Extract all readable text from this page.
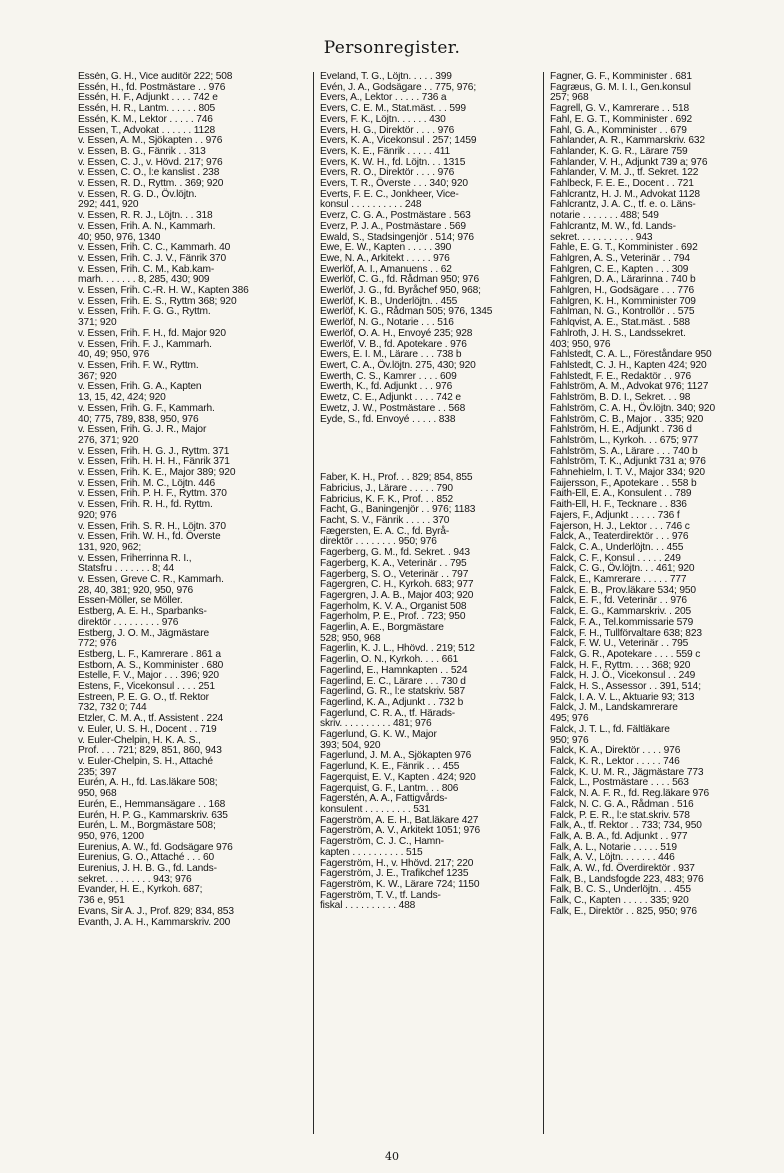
Personregister.
Essén, G. H., Vice auditör 222; 508
Essén, H., fd. Postmästare . . 976
Essén, H. F., Adjunkt . . . . 742 e
Essén, H. R., Lantm. . . . . . 805
Essén, K. M., Lektor . . . . . 746
Essen, T., Advokat . . . . . . 1128
v. Essen, A. M., Sjökapten . . 976
v. Essen, B. G., Fänrik . . 313
v. Essen, C. J., v. Hövd. 217; 976
v. Essen, C. O., l:e kanslist . 238
v. Essen, R. D., Ryttm. . 369; 920
v. Essen, R. G. D., Öv.löjtn.
292; 441, 920
v. Essen, R. R. J., Löjtn. . . 318
v. Essen, Frih. A. N., Kammarh.
40; 950, 976, 1340
v. Essen, Frih. C. C., Kammarh. 40
v. Essen, Frih. C. J. V., Fänrik 370
v. Essen, Frih. C. M., Kab.kam-
marh. . . . . . . 8, 285, 430; 909
v. Essen, Frih. C.-R. H. W., Kapten 386
v. Essen, Frih. E. S., Ryttm 368; 920
v. Essen, Frih. F. G. G., Ryttm.
371; 920
v. Essen, Frih. F. H., fd. Major 920
v. Essen, Frih. F. J., Kammarh.
40, 49; 950, 976
v. Essen, Frih. F. W., Ryttm.
367; 920
v. Essen, Frih. G. A., Kapten
13, 15, 42, 424; 920
v. Essen, Frih. G. F., Kammarh.
40; 775, 789, 838, 950, 976
v. Essen, Frih. G. J. R., Major
276, 371; 920
v. Essen, Frih. H. G. J., Ryttm. 371
v. Essen, Frih. H. H. H., Fänrik 371
v. Essen, Frih. K. E., Major 389; 920
v. Essen, Frih. M. C., Löjtn. 446
v. Essen, Frih. P. H. F., Ryttm. 370
v. Essen, Frih. R. H., fd. Ryttm.
920; 976
v. Essen, Frih. S. R. H., Löjtn. 370
v. Essen, Frih. W. H., fd. Överste
131, 920, 962;
v. Essen, Friherrinna R. I.,
Statsfru . . . . . . . 8; 44
v. Essen, Greve C. R., Kammarh.
28, 40, 381; 920, 950, 976
Essen-Möller, se Möller.
Estberg, A. E. H., Sparbanks-
direktör . . . . . . . . . 976
Estberg, J. O. M., Jägmästare
772; 976
Estberg, L. F., Kamrerare . 861 a
Estborn, A. S., Komminister . 680
Estelle, F. V., Major . . . 396; 920
Estens, F., Vicekonsul . . . . 251
Estreen, P. E. G. O., tf. Rektor
732, 732 0; 744
Etzler, C. M. A., tf. Assistent . 224
v. Euler, U. S. H., Docent . . 719
v. Euler-Chelpin, H. K. A. S.,
Prof. . . . 721; 829, 851, 860, 943
v. Euler-Chelpin, S. H., Attaché
235; 397
Eurén, A. H., fd. Las.läkare 508;
950, 968
Eurén, E., Hemmansägare . . 168
Eurén, H. P. G., Kammarskriv. 635
Eurén, L. M., Borgmästare 508;
950, 976, 1200
Eurenius, A. W., fd. Godsägare 976
Eurenius, G. O., Attaché . . . 60
Eurenius, J. H. B. G., fd. Lands-
sekret. . . . . . . . . 943; 976
Evander, H. E., Kyrkoh. 687;
736 e, 951
Evans, Sir A. J., Prof. 829; 834, 853
Evanth, J. A. H., Kammarskriv. 200
Eveland, T. G., Löjtn. . . . . 399
Evén, J. A., Godsägare . . 775, 976;
Evers, A., Lektor . . . . . 736 a
Evers, C. E. M., Stat.mäst. . . 599
Evers, F. K., Löjtn. . . . . . 430
Evers, H. G., Direktör . . . . 976
Evers, K. A., Vicekonsul . 257; 1459
Evers, K. E., Fänrik . . . . . 411
Evers, K. W. H., fd. Löjtn. . . 1315
Evers, R. O., Direktör . . . . 976
Evers, T. R., Överste . . . 340; 920
Everts, F. E. C., Jonkheer, Vice-
konsul . . . . . . . . . . 248
Everz, C. G. A., Postmästare . 563
Everz, P. J. A., Postmästare . 569
Ewald, S., Stadsingenjör . 514; 976
Ewe, E. W., Kapten . . . . . 390
Ewe, N. A., Arkitekt . . . . . 976
Ewerlöf, A. I., Amanuens . . 62
Ewerlöf, C. G., fd. Rådman 950; 976
Ewerlöf, J. G., fd. Byråchef 950, 968;
Ewerlöf, K. B., Underlöjtn. . 455
Ewerlöf, K. G., Rådman 505; 976, 1345
Ewerlöf, N. G., Notarie . . . 516
Ewerlöf, O. A. H., Envoyé 235; 928
Ewerlöf, V. B., fd. Apotekare . 976
Ewers, E. I. M., Lärare . . . 738 b
Ewert, C. A., Öv.löjtn. 275, 430; 920
Ewerth, C. S., Kamrer . . . . 609
Ewerth, K., fd. Adjunkt . . . 976
Ewetz, C. E., Adjunkt . . . . 742 e
Ewetz, J. W., Postmästare . . 568
Eyde, S., fd. Envoyé . . . . . 838
Faber, K. H., Prof. . . 829; 854, 855
Fabricius, J., Lärare . . . . . 790
Fabricius, K. F. K., Prof. . . 852
Facht, G., Baningenjör . . 976; 1183
Facht, S. V., Fänrik . . . . . 370
Fægersten, E. A. C., fd. Byrå-
direktör . . . . . . . . 950; 976
Fagerberg, G. M., fd. Sekret. . 943
Fagerberg, K. A., Veterinär . . 795
Fagerberg, S. O., Veterinär . . 797
Fagergren, C. H., Kyrkoh. 683; 977
Fagergren, J. A. B., Major 403; 920
Fagerholm, K. V. A., Organist 508
Fagerholm, P. E., Prof. . 723; 950
Fagerlin, A. E., Borgmästare
528; 950, 968
Fagerlin, K. J. L., Hhövd. . 219; 512
Fagerlin, O. N., Kyrkoh. . . . 661
Fagerlind, E., Hamnkapten . . 524
Fagerlind, E. C., Lärare . . . 730 d
Fagerlind, G. R., l:e statskriv. 587
Fagerlind, K. A., Adjunkt . . 732 b
Fagerlund, C. R. A., tf. Härads-
skriv. . . . . . . . . . 481; 976
Fagerlund, G. K. W., Major
393; 504, 920
Fagerlund, J. M. A., Sjökapten 976
Fagerlund, K. E., Fänrik . . . 455
Fagerquist, E. V., Kapten . 424; 920
Fagerquist, G. F., Lantm. . . 806
Fagerstén, A. A., Fattigvårds-
konsulent . . . . . . . . . 531
Fagerström, A. E. H., Bat.läkare 427
Fagerström, A. V., Arkitekt 1051; 976
Fagerström, C. J. C., Hamn-
kapten . . . . . . . . . . 515
Fagerström, H., v. Hhövd. 217; 220
Fagerström, J. E., Trafikchef 1235
Fagerström, K. W., Lärare 724; 1150
Fagerström, T. V., tf. Lands-
fiskal . . . . . . . . . . 488
Fagner, G. F., Komminister . 681
Fagræus, G. M. I. I., Gen.konsul
257; 968
Fagrell, G. V., Kamrerare . . 518
Fahl, E. G. T., Komminister . 692
Fahl, G. A., Komminister . . 679
Fahlander, A. R., Kammarskriv. 632
Fahlander, K. G. R., Lärare 759
Fahlander, V. H., Adjunkt 739 a; 976
Fahlander, V. M. J., tf. Sekret. 122
Fahlbeck, F. E. E., Docent . . 721
Fahlcrantz, H. J. M., Advokat 1128
Fahlcrantz, J. A. C., tf. e. o. Läns-
notarie . . . . . . . 488; 549
Fahlcrantz, M. W., fd. Lands-
sekret. . . . . . . . . . . 943
Fahle, E. G. T., Komminister . 692
Fahlgren, A. S., Veterinär . . 794
Fahlgren, C. E., Kapten . . . 309
Fahlgren, D. A., Lärarinna . 740 b
Fahlgren, H., Godsägare . . . 776
Fahlgren, K. H., Komminister 709
Fahlman, N. G., Kontrollör . . 575
Fahlqvist, A. E., Stat.mäst. . 588
Fahlroth, J. H. S., Landssekret.
403; 950, 976
Fahlstedt, C. A. L., Föreståndare 950
Fahlstedt, C. J. H., Kapten 424; 920
Fahlstedt, F. E., Redaktör . . 976
Fahlström, A. M., Advokat 976; 1127
Fahlström, B. D. I., Sekret. . . 98
Fahlström, C. A. H., Öv.löjtn. 340; 920
Fahlström, C. B., Major . . 335; 920
Fahlström, H. E., Adjunkt . 736 d
Fahlström, L., Kyrkoh. . . 675; 977
Fahlström, S. A., Lärare . . . 740 b
Fahlström, T. K., Adjunkt 731 a; 976
Fahnehielm, I. T. V., Major 334; 920
Faijersson, F., Apotekare . . 558 b
Faith-Ell, E. A., Konsulent . . 789
Faith-Ell, H. F., Tecknare . . 836
Fajers, F., Adjunkt . . . . . 736 f
Fajerson, H. J., Lektor . . . 746 c
Falck, A., Teaterdirektör . . . 976
Falck, C. A., Underlöjtn. . . 455
Falck, C. F., Konsul . . . . . 249
Falck, C. G., Öv.löjtn. . . 461; 920
Falck, E., Kamrerare . . . . . 777
Falck, E. B., Prov.läkare 534; 950
Falck, E. F., fd. Veterinär . . 976
Falck, E. G., Kammarskriv. . 205
Falck, F. A., Tel.kommissarie 579
Falck, F. H., Tullförvaltare 638; 823
Falck, F. W. U., Veterinär . . 795
Falck, G. R., Apotekare . . . . 559 c
Falck, H. F., Ryttm. . . . 368; 920
Falck, H. J. Ö., Vicekonsul . . 249
Falck, H. S., Assessor . . 391, 514;
Falck, I. A. V. L., Aktuarie 93; 313
Falck, J. M., Landskamrerare
495; 976
Falck, J. T. L., fd. Fältläkare
950; 976
Falck, K. A., Direktör . . . . 976
Falck, K. R., Lektor . . . . . 746
Falck, K. U. M. R., Jägmästare 773
Falck, L., Postmästare . . . . 563
Falck, N. A. F. R., fd. Reg.läkare 976
Falck, N. C. G. A., Rådman . 516
Falck, P. E. R., l:e stat.skriv. 578
Falk, A., tf. Rektor . . 733; 734, 950
Falk, A. B. A., fd. Adjunkt . . 977
Falk, A. L., Notarie . . . . . 519
Falk, A. V., Löjtn. . . . . . . 446
Falk, A. W., fd. Överdirektör . 937
Falk, B., Landsfogde 223, 483; 976
Falk, B. C. S., Underlöjtn. . . 455
Falk, C., Kapten . . . . . 335; 920
Falk, E., Direktör . . 825, 950; 976
40
